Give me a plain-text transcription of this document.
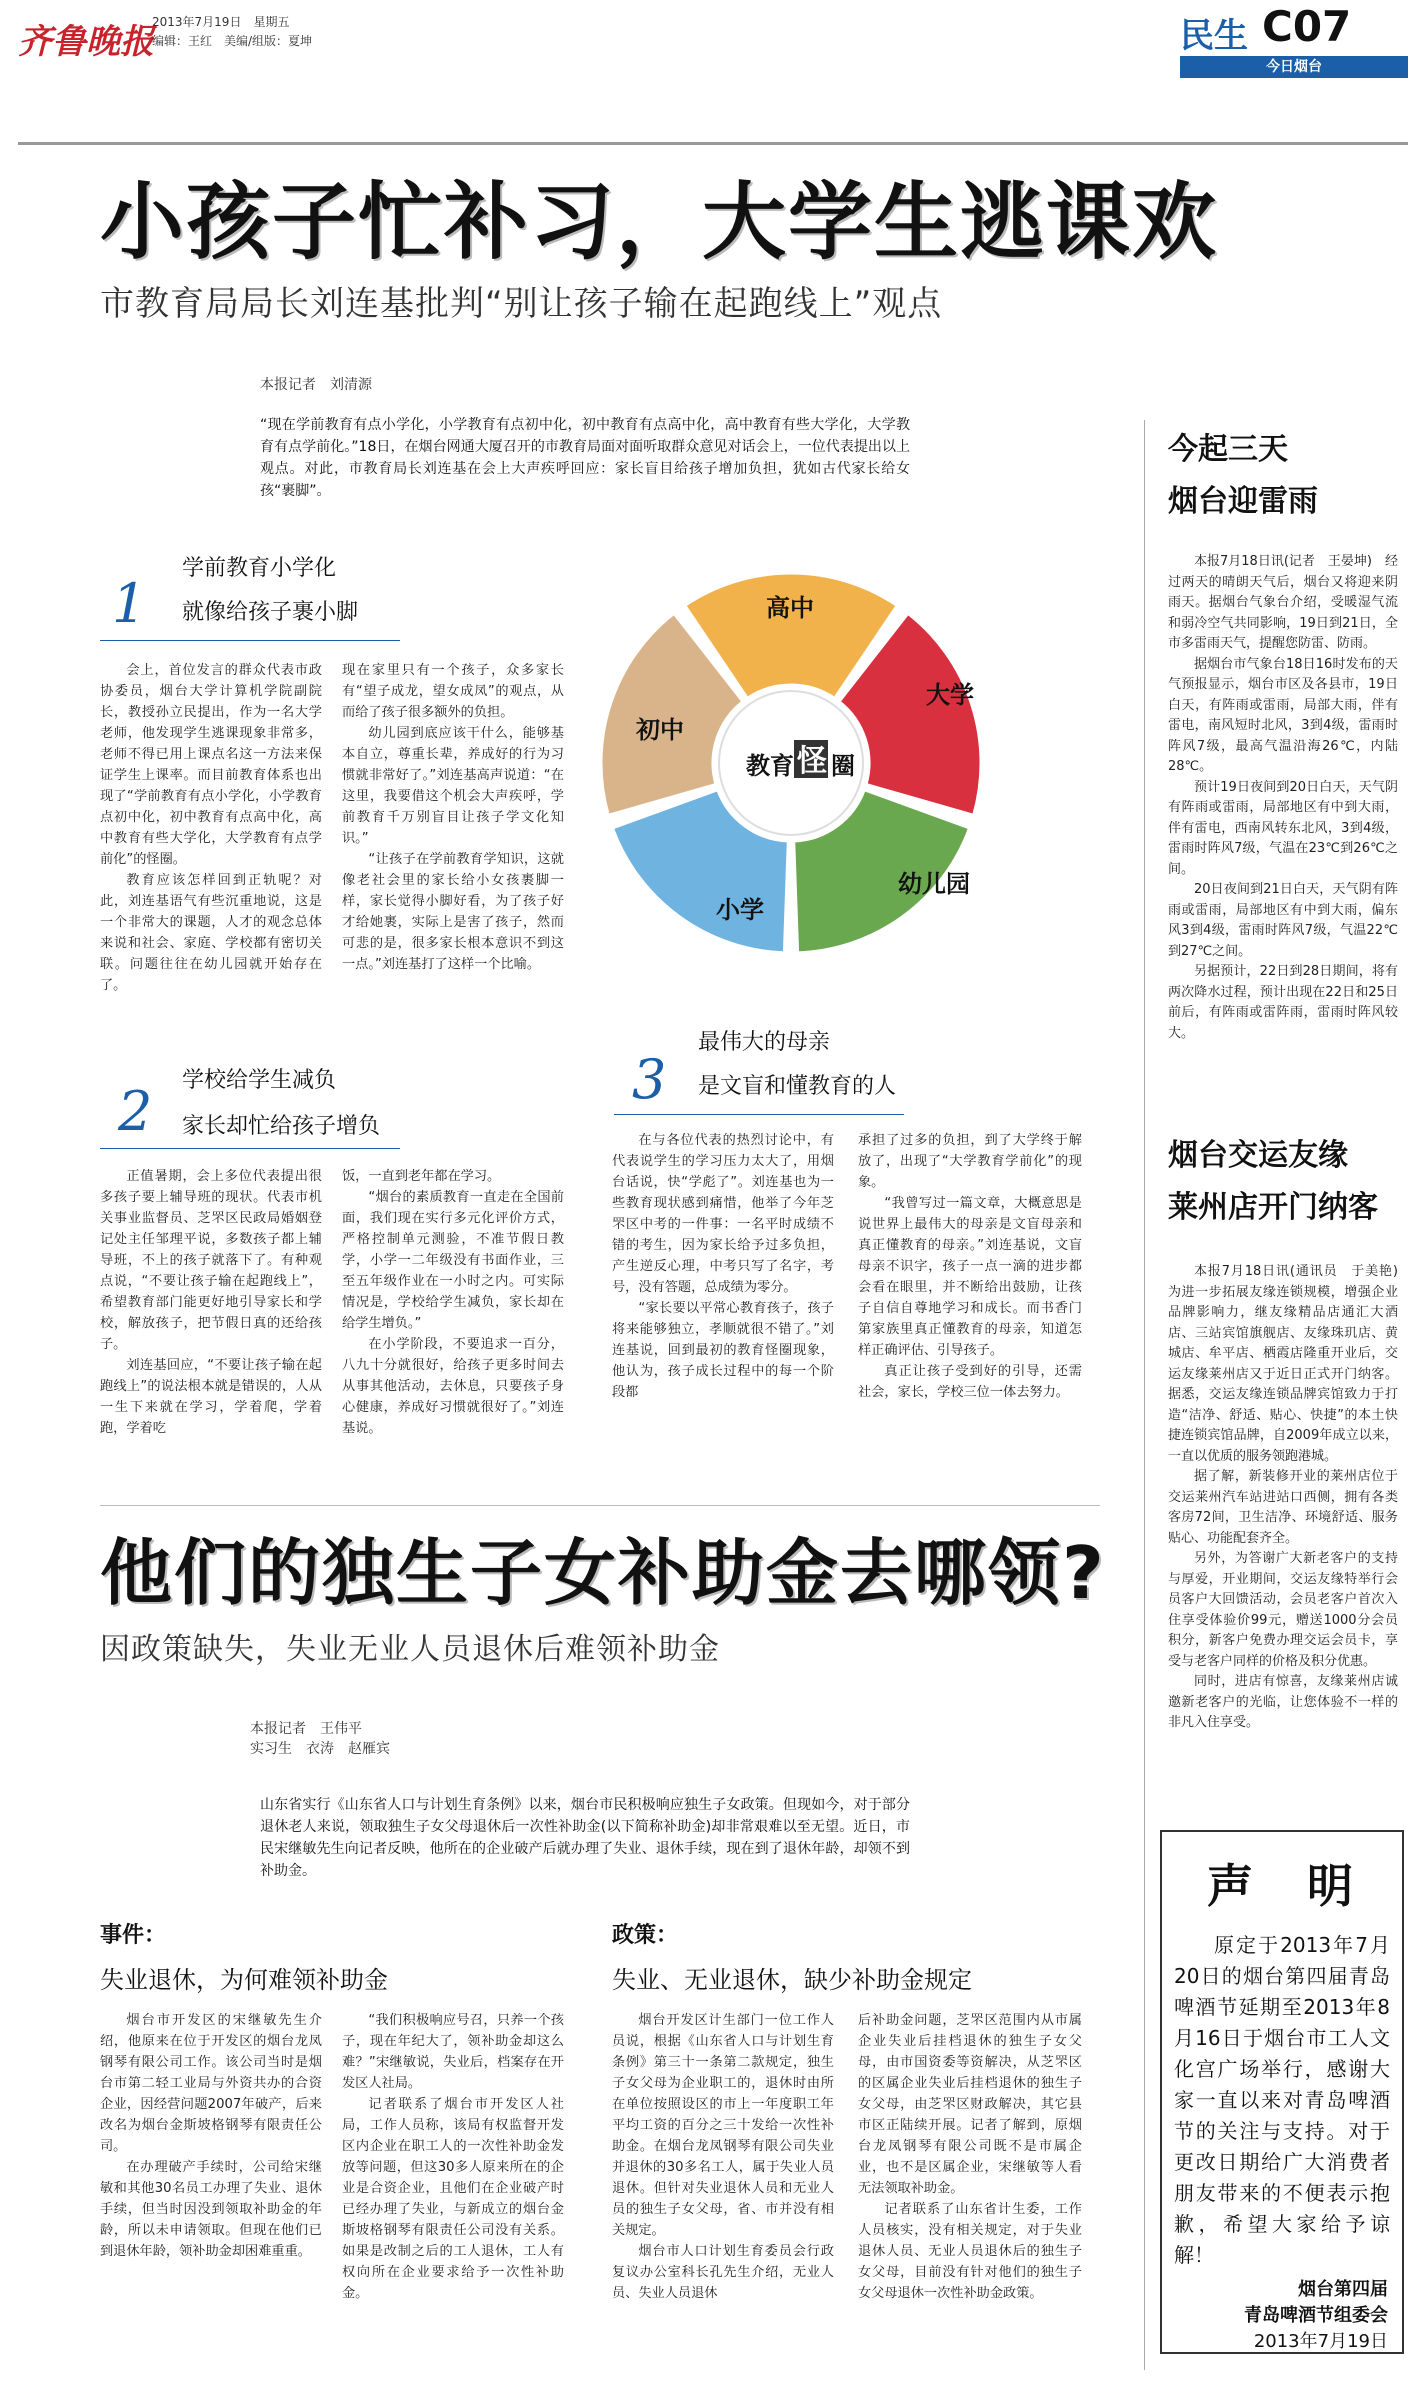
齐鲁晚报
2013年7月19日　星期五
编辑：王红　美编/组版：夏坤	民生 C07
今日烟台
小孩子忙补习，大学生逃课欢
市教育局局长刘连基批判“别让孩子输在起跑线上”观点
本报记者　刘清源
“现在学前教育有点小学化，小学教育有点初中化，初中教育有点高中化，高中教育有些大学化，大学教育有点学前化。”18日，在烟台网通大厦召开的市教育局面对面听取群众意见对话会上，一位代表提出以上观点。对此，市教育局长刘连基在会上大声疾呼回应：家长盲目给孩子增加负担，犹如古代家长给女孩“裹脚”。
1
学前教育小学化
就像给孩子裹小脚

会上，首位发言的群众代表市政协委员，烟台大学计算机学院副院长，教授孙立民提出，作为一名大学老师，他发现学生逃课现象非常多，老师不得已用上课点名这一方法来保证学生上课率。而目前教育体系也出现了“学前教育有点小学化，小学教育点初中化，初中教育有点高中化，高中教育有些大学化，大学教育有点学前化”的怪圈。

教育应该怎样回到正轨呢？对此，刘连基语气有些沉重地说，这是一个非常大的课题，人才的观念总体来说和社会、家庭、学校都有密切关联。问题往往在幼儿园就开始存在了。

现在家里只有一个孩子，众多家长有“望子成龙，望女成凤”的观点，从而给了孩子很多额外的负担。

幼儿园到底应该干什么，能够基本自立，尊重长辈，养成好的行为习惯就非常好了。”刘连基高声说道：“在这里，我要借这个机会大声疾呼，学前教育千万别盲目让孩子学文化知识。”

“让孩子在学前教育学知识，这就像老社会里的家长给小女孩裹脚一样，家长觉得小脚好看，为了孩子好才给她裹，实际上是害了孩子，然而可悲的是，很多家长根本意识不到这一点。”刘连基打了这样一个比喻。

教育 怪 圈
高中
大学
幼儿园
小学
初中
2 学校给学生减负
家长却忙给孩子增负

正值暑期，会上多位代表提出很多孩子要上辅导班的现状。代表市机关事业监督员、芝罘区民政局婚姻登记处主任邹理平说，多数孩子都上辅导班，不上的孩子就落下了。有种观点说，“不要让孩子输在起跑线上”，希望教育部门能更好地引导家长和学校，解放孩子，把节假日真的还给孩子。

刘连基回应，“不要让孩子输在起跑线上”的说法根本就是错误的，人从一生下来就在学习，学着爬，学着跑，学着吃

饭，一直到老年都在学习。

“烟台的素质教育一直走在全国前面，我们现在实行多元化评价方式，严格控制单元测验，不准节假日教学，小学一二年级没有书面作业，三至五年级作业在一小时之内。可实际情况是，学校给学生减负，家长却在给学生增负。”

在小学阶段，不要追求一百分，八九十分就很好，给孩子更多时间去从事其他活动，去休息，只要孩子身心健康，养成好习惯就很好了。”刘连基说。

3
最伟大的母亲
是文盲和懂教育的人

在与各位代表的热烈讨论中，有代表说学生的学习压力太大了，用烟台话说，快“学彪了”。刘连基也为一些教育现状感到痛惜，他举了今年芝罘区中考的一件事：一名平时成绩不错的考生，因为家长给予过多负担，产生逆反心理，中考只写了名字，考号，没有答题，总成绩为零分。

“家长要以平常心教育孩子，孩子将来能够独立，孝顺就很不错了。”刘连基说，回到最初的教育怪圈现象，他认为，孩子成长过程中的每一个阶段都

承担了过多的负担，到了大学终于解放了，出现了“大学教育学前化”的现象。

“我曾写过一篇文章，大概意思是说世界上最伟大的母亲是文盲母亲和真正懂教育的母亲。”刘连基说，文盲母亲不识字，孩子一点一滴的进步都会看在眼里，并不断给出鼓励，让孩子自信自尊地学习和成长。而书香门第家族里真正懂教育的母亲，知道怎样正确评估、引导孩子。

真正让孩子受到好的引导，还需社会，家长，学校三位一体去努力。

他们的独生子女补助金去哪领?
因政策缺失，失业无业人员退休后难领补助金
本报记者　王伟平
实习生　衣涛　赵雁宾
山东省实行《山东省人口与计划生育条例》以来，烟台市民积极响应独生子女政策。但现如今，对于部分退休老人来说，领取独生子女父母退休后一次性补助金(以下简称补助金)却非常艰难以至无望。近日，市民宋继敏先生向记者反映，他所在的企业破产后就办理了失业、退休手续，现在到了退休年龄，却领不到补助金。
事件：
失业退休，为何难领补助金
政策：
失业、无业退休，缺少补助金规定

烟台市开发区的宋继敏先生介绍，他原来在位于开发区的烟台龙凤钢琴有限公司工作。该公司当时是烟台市第二轻工业局与外资共办的合资企业，因经营问题2007年破产，后来改名为烟台金斯坡格钢琴有限责任公司。

在办理破产手续时，公司给宋继敏和其他30名员工办理了失业、退休手续，但当时因没到领取补助金的年龄，所以未申请领取。但现在他们已到退休年龄，领补助金却困难重重。

“我们积极响应号召，只养一个孩子，现在年纪大了，领补助金却这么难？”宋继敏说，失业后，档案存在开发区人社局。

记者联系了烟台市开发区人社局，工作人员称，该局有权监督开发区内企业在职工人的一次性补助金发放等问题，但这30多人原来所在的企业是合资企业，且他们在企业破产时已经办理了失业，与新成立的烟台金斯坡格钢琴有限责任公司没有关系。如果是改制之后的工人退休，工人有权向所在企业要求给予一次性补助金。

烟台开发区计生部门一位工作人员说，根据《山东省人口与计划生育条例》第三十一条第二款规定，独生子女父母为企业职工的，退休时由所在单位按照设区的市上一年度职工年平均工资的百分之三十发给一次性补助金。在烟台龙凤钢琴有限公司失业并退休的30多名工人，属于失业人员退休。但针对失业退休人员和无业人员的独生子女父母，省、市并没有相关规定。

烟台市人口计划生育委员会行政复议办公室科长孔先生介绍，无业人员、失业人员退休

后补助金问题，芝罘区范围内从市属企业失业后挂档退休的独生子女父母，由市国资委等资解决，从芝罘区的区属企业失业后挂档退休的独生子女父母，由芝罘区财政解决，其它县市区正陆续开展。记者了解到，原烟台龙凤钢琴有限公司既不是市属企业，也不是区属企业，宋继敏等人看无法领取补助金。

记者联系了山东省计生委，工作人员核实，没有相关规定，对于失业退休人员、无业人员退休后的独生子女父母，目前没有针对他们的独生子女父母退休一次性补助金政策。

今起三天
烟台迎雷雨

本报7月18日讯(记者　王晏坤)　经过两天的晴朗天气后，烟台又将迎来阴雨天。据烟台气象台介绍，受暖湿气流和弱冷空气共同影响，19日到21日，全市多雷雨天气，提醒您防雷、防雨。

据烟台市气象台18日16时发布的天气预报显示，烟台市区及各县市，19日白天，有阵雨或雷雨，局部大雨，伴有雷电，南风短时北风，3到4级，雷雨时阵风7级，最高气温沿海26℃，内陆28℃。

预计19日夜间到20日白天，天气阴有阵雨或雷雨，局部地区有中到大雨，伴有雷电，西南风转东北风，3到4级，雷雨时阵风7级，气温在23℃到26℃之间。

20日夜间到21日白天，天气阴有阵雨或雷雨，局部地区有中到大雨，偏东风3到4级，雷雨时阵风7级，气温22℃到27℃之间。

另据预计，22日到28日期间，将有两次降水过程，预计出现在22日和25日前后，有阵雨或雷阵雨，雷雨时阵风较大。

烟台交运友缘
莱州店开门纳客

本报7月18日讯(通讯员　于美艳)　为进一步拓展友缘连锁规模，增强企业品牌影响力，继友缘精品店通汇大酒店、三站宾馆旗舰店、友缘珠玑店、黄城店、牟平店、栖霞店隆重开业后，交运友缘莱州店又于近日正式开门纳客。据悉，交运友缘连锁品牌宾馆致力于打造“洁净、舒适、贴心、快捷”的本土快捷连锁宾馆品牌，自2009年成立以来，一直以优质的服务领跑港城。

据了解，新装修开业的莱州店位于交运莱州汽车站进站口西侧，拥有各类客房72间，卫生洁净、环境舒适、服务贴心、功能配套齐全。

另外，为答谢广大新老客户的支持与厚爱，开业期间，交运友缘特举行会员客户大回馈活动，会员老客户首次入住享受体验价99元，赠送1000分会员积分，新客户免费办理交运会员卡，享受与老客户同样的价格及积分优惠。

同时，进店有惊喜，友缘莱州店诚邀新老客户的光临，让您体验不一样的非凡入住享受。

声　明
原定于2013年7月20日的烟台第四届青岛啤酒节延期至2013年8月16日于烟台市工人文化宫广场举行，感谢大家一直以来对青岛啤酒节的关注与支持。对于更改日期给广大消费者朋友带来的不便表示抱歉，希望大家给予谅解！
烟台第四届
青岛啤酒节组委会
2013年7月19日
